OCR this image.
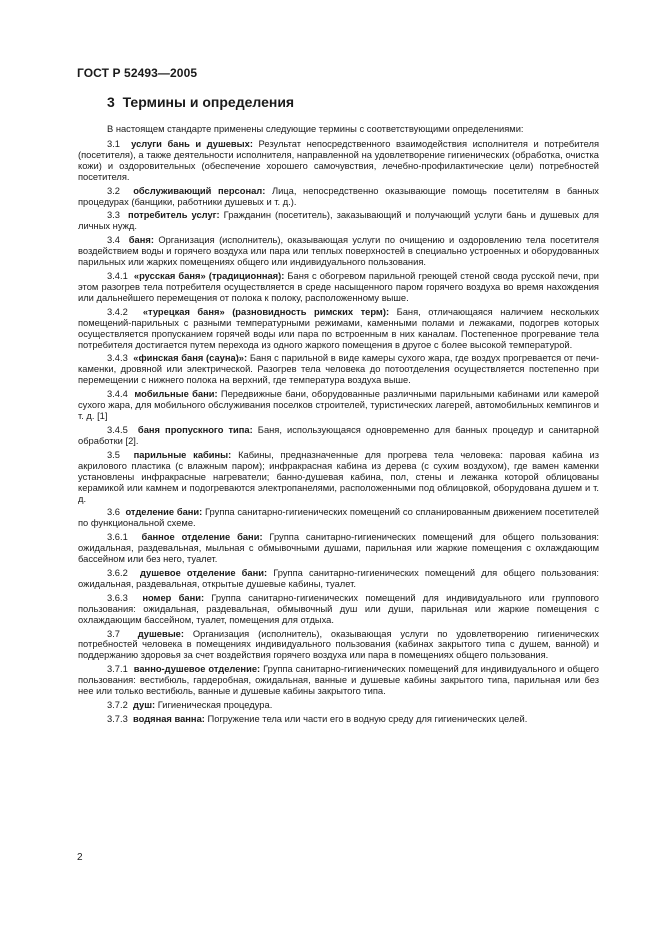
ГОСТ Р 52493—2005
3 Термины и определения

В настоящем стандарте применены следующие термины с соответствующими определениями:

3.1 услуги бань и душевых: Результат непосредственного взаимодействия исполнителя и потребителя (посетителя), а также деятельности исполнителя, направленной на удовлетворение гигиенических (обработка, очистка кожи) и оздоровительных (обеспечение хорошего самочувствия, лечебно-профилактические цели) потребностей посетителя.

3.2 обслуживающий персонал: Лица, непосредственно оказывающие помощь посетителям в банных процедурах (банщики, работники душевых и т. д.).

3.3 потребитель услуг: Гражданин (посетитель), заказывающий и получающий услуги бань и душевых для личных нужд.

3.4 баня: Организация (исполнитель), оказывающая услуги по очищению и оздоровлению тела посетителя воздействием воды и горячего воздуха или пара или теплых поверхностей в специально устроенных и оборудованных парильных или жарких помещениях общего или индивидуального пользования.

3.4.1 «русская баня» (традиционная): Баня с обогревом парильной греющей стеной свода русской печи, при этом разогрев тела потребителя осуществляется в среде насыщенного паром горячего воздуха во время нахождения или дальнейшего перемещения от полока к полоку, расположенному выше.

3.4.2 «турецкая баня» (разновидность римских терм): Баня, отличающаяся наличием нескольких помещений-парильных с разными температурными режимами, каменными полами и лежаками, подогрев которых осуществляется пропусканием горячей воды или пара по встроенным в них каналам. Постепенное прогревание тела потребителя достигается путем перехода из одного жаркого помещения в другое с более высокой температурой.

3.4.3 «финская баня (сауна)»: Баня с парильной в виде камеры сухого жара, где воздух прогревается от печи-каменки, дровяной или электрической. Разогрев тела человека до потоотделения осуществляется постепенно при перемещении с нижнего полока на верхний, где температура воздуха выше.

3.4.4 мобильные бани: Передвижные бани, оборудованные различными парильными кабинами или камерой сухого жара, для мобильного обслуживания поселков строителей, туристических лагерей, автомобильных кемпингов и т. д. [1]

3.4.5 баня пропускного типа: Баня, использующаяся одновременно для банных процедур и санитарной обработки [2].

3.5 парильные кабины: Кабины, предназначенные для прогрева тела человека: паровая кабина из акрилового пластика (с влажным паром); инфракрасная кабина из дерева (с сухим воздухом), где вамен каменки установлены инфракрасные нагреватели; банно-душевая кабина, пол, стены и лежанка которой облицованы керамикой или камнем и подогреваются электропанелями, расположенными под облицовкой, оборудована душем и т. д.

3.6 отделение бани: Группа санитарно-гигиенических помещений со спланированным движением посетителей по функциональной схеме.

3.6.1 банное отделение бани: Группа санитарно-гигиенических помещений для общего пользования: ожидальная, раздевальная, мыльная с обмывочными душами, парильная или жаркие помещения с охлаждающим бассейном или без него, туалет.

3.6.2 душевое отделение бани: Группа санитарно-гигиенических помещений для общего пользования: ожидальная, раздевальная, открытые душевые кабины, туалет.

3.6.3 номер бани: Группа санитарно-гигиенических помещений для индивидуального или группового пользования: ожидальная, раздевальная, обмывочный душ или души, парильная или жаркие помещения с охлаждающим бассейном, туалет, помещения для отдыха.

3.7 душевые: Организация (исполнитель), оказывающая услуги по удовлетворению гигиенических потребностей человека в помещениях индивидуального пользования (кабинах закрытого типа с душем, ванной) и поддержанию здоровья за счет воздействия горячего воздуха или пара в помещениях общего пользования.

3.7.1 ванно-душевое отделение: Группа санитарно-гигиенических помещений для индивидуального и общего пользования: вестибюль, гардеробная, ожидальная, ванные и душевые кабины закрытого типа, парильная или без нее или только вестибюль, ванные и душевые кабины закрытого типа.

3.7.2 душ: Гигиеническая процедура.

3.7.3 водяная ванна: Погружение тела или части его в водную среду для гигиенических целей.

2
